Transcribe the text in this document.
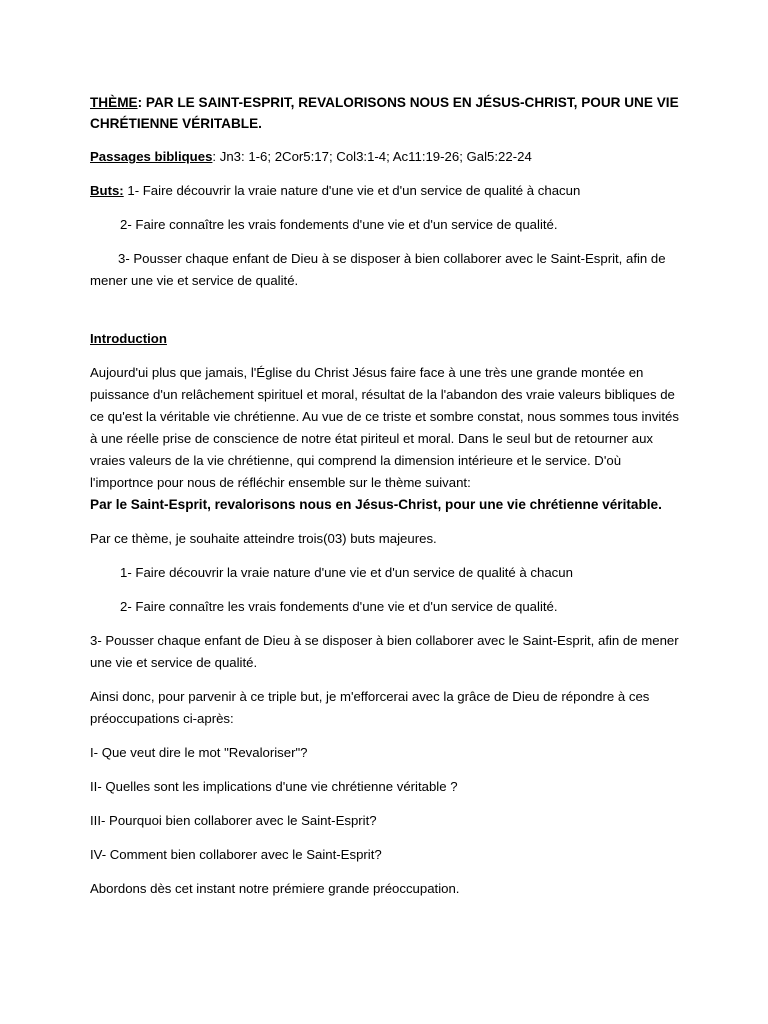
THÈME: PAR LE SAINT-ESPRIT, REVALORISONS NOUS EN JÉSUS-CHRIST, POUR UNE VIE CHRÉTIENNE VÉRITABLE.

Passages bibliques: Jn3: 1-6; 2Cor5:17; Col3:1-4; Ac11:19-26; Gal5:22-24

Buts: 1- Faire découvrir la vraie nature d'une vie et d'un service de qualité à chacun

2- Faire connaître les vrais fondements d'une vie et d'un service de qualité.

3- Pousser chaque enfant de Dieu à se disposer à bien collaborer avec le Saint-Esprit, afin de mener une vie et service de qualité.

Introduction

Aujourd'ui plus que jamais, l'Église du Christ Jésus faire face à une très une grande montée en puissance d'un relâchement spirituel et moral, résultat de la l'abandon des vraie valeurs bibliques de ce qu'est la véritable vie chrétienne. Au vue de ce triste et sombre constat, nous sommes tous invités à une réelle prise de conscience de notre état piriteul et moral. Dans le seul but de retourner aux vraies valeurs de la vie chrétienne, qui comprend la dimension intérieure et le service. D'où l'importnce pour nous de réfléchir ensemble sur le thème suivant:
Par le Saint-Esprit, revalorisons nous en Jésus-Christ, pour une vie chrétienne véritable.

Par ce thème, je souhaite atteindre trois(03) buts majeures.

1- Faire découvrir la vraie nature d'une vie et d'un service de qualité à chacun

2- Faire connaître les vrais fondements d'une vie et d'un service de qualité.

3- Pousser chaque enfant de Dieu à se disposer à bien collaborer avec le Saint-Esprit, afin de mener une vie et service de qualité.

Ainsi donc, pour parvenir à ce triple but, je m'efforcerai avec la grâce de Dieu de répondre à ces préoccupations ci-après:

I- Que veut dire le mot "Revaloriser"?

II- Quelles sont les implications d'une vie chrétienne véritable ?

III- Pourquoi bien collaborer avec le Saint-Esprit?

IV- Comment bien collaborer avec le Saint-Esprit?

Abordons dès cet instant notre prémiere grande préoccupation.
